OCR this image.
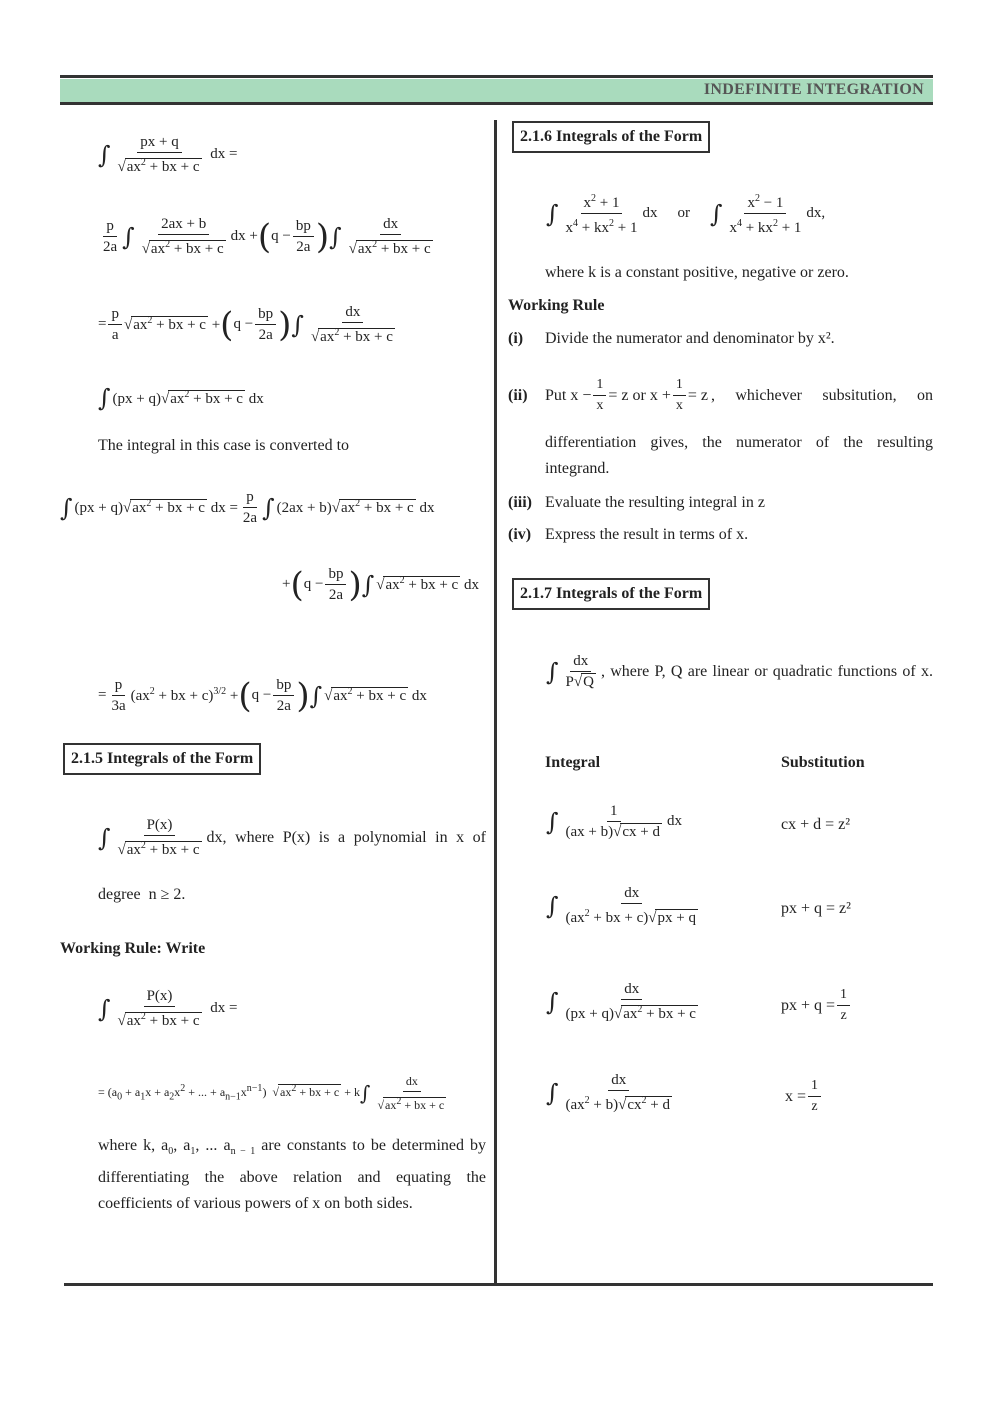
INDEFINITE INTEGRATION
∫ $\frac{px + q}{√ax^2 + bx + c}$ dx =
$\frac{p}{2a}$ ∫ $\frac{2ax + b}{√ax^2 + bx + c}$ dx + ( $q - \frac{bp}{2a}$ ) ∫ $\frac{dx}{√ax^2 + bx + c}$
= $\frac{p}{a} √ax^2$ + bx + c + ( $q - \frac{bp}{2a}$ ) ∫ $\frac{dx}{√ax^2 + bx + c}$
∫ $(px + q)√ax^2$ + bx + c dx
The integral in this case is converted to
∫ $(px + q)√ax^2$ + bx + c dx = $\frac{p}{2a}$ ∫ $(2ax + b)√ax^2$ + bx + c dx
+ ( $q - \frac{bp}{2a}$ ) ∫ $√ax^2$ + bx + c dx
= $\frac{p}{3a} (ax^2$ + bx + c)$^{3/2}$ + ( $q - \frac{bp}{2a}$ ) ∫ $√ax^2$ + bx + c dx
2.1.5 Integrals of the Form
∫ $\frac{P(x)}{√ax^2 + bx + c}$ dx, where P(x) is a polynomial in x of
degree n ≥ 2.
Working Rule: Write
∫ $\frac{P(x)}{√ax^2 + bx + c}$ dx =
= ($a_0 + a_1x + a_2x^2$ + ... + $a_{n-1}x^{n-1}$)  $√ax^2$ + bx + c + k ∫ $\frac{dx}{√ax^2 + bx + c}$
where k, $a_0$, $a_1$, ... $a_{n - 1}$ are constants to be determined by differentiating the above relation and equating the coefficients of various powers of x on both sides.
2.1.6 Integrals of the Form
∫ $\frac{x^2 + 1}{x^4 + kx^2 + 1}$ dx or ∫ $\frac{x^2 - 1}{x^4 + kx^2 + 1}$ dx,
where k is a constant positive, negative or zero.
Working Rule
(i) Divide the numerator and denominator by x².
(ii)	Put
$x - \frac{1}{x} = z$ or
$x + \frac{1}{x} = z$ , whichever subsitution, on
differentiation gives, the numerator of the resulting integrand.
(iii) Evaluate the resulting integral in z
(iv) Express the result in terms of x.
2.1.7 Integrals of the Form
∫ $\frac{dx}{P√Q}$ , where P, Q are linear or quadratic functions of x.
Integral	Substitution
∫ $\frac{1}{(ax + b)√cx + d}$ dx	cx + d = z²
∫ $\frac{dx}{(ax^2 + bx + c)√px + q}$	px + q = z²
∫ $\frac{dx}{(px + q)√ax^2 + bx + c}$	px + $q = \frac{1}{z}$
∫ $\frac{dx}{(ax^2 + b)√cx^2 + d}$	$x = \frac{1}{z}$
